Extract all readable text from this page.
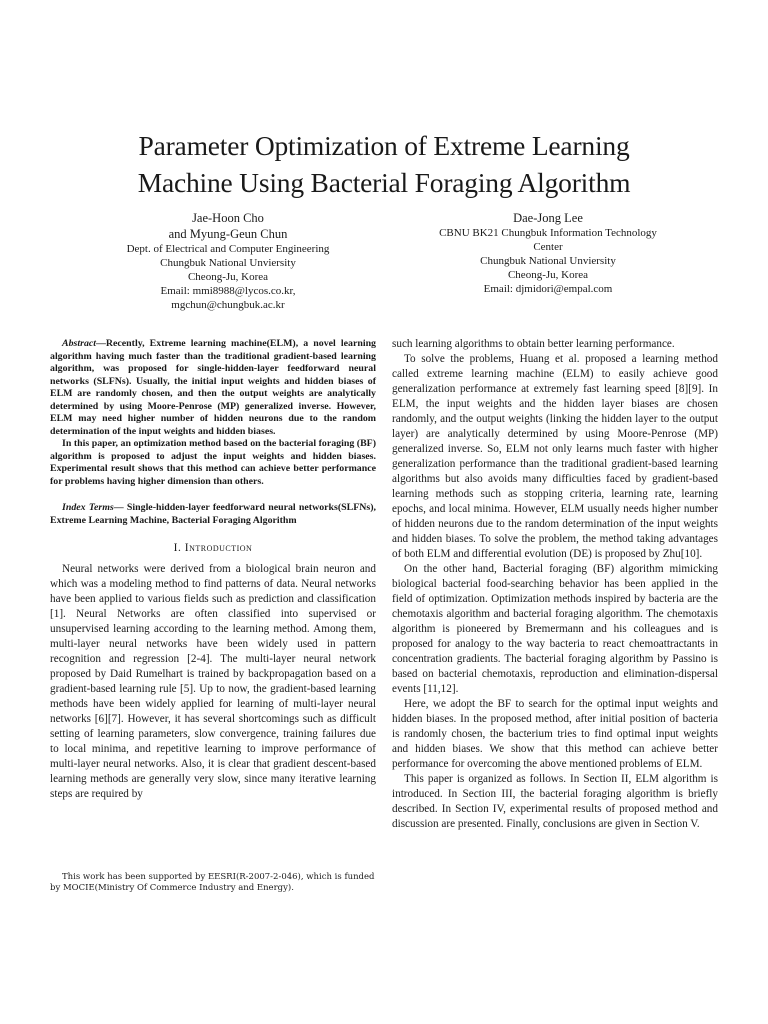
Parameter Optimization of Extreme Learning
Machine Using Bacterial Foraging Algorithm
Jae-Hoon Cho
and Myung-Geun Chun
Dept. of Electrical and Computer Engineering
Chungbuk National Unviersity
Cheong-Ju, Korea
Email: mmi8988@lycos.co.kr,
mgchun@chungbuk.ac.kr
Dae-Jong Lee
CBNU BK21 Chungbuk Information Technology
Center
Chungbuk National Unviersity
Cheong-Ju, Korea
Email: djmidori@empal.com

Abstract—Recently, Extreme learning machine(ELM), a novel learning algorithm having much faster than the traditional gradient-based learning algorithm, was proposed for single-hidden-layer feedforward neural networks (SLFNs). Usually, the initial input weights and hidden biases of ELM are randomly chosen, and then the output weights are analytically determined by using Moore-Penrose (MP) generalized inverse. However, ELM may need higher number of hidden neurons due to the random determination of the input weights and hidden biases.

In this paper, an optimization method based on the bacterial foraging (BF) algorithm is proposed to adjust the input weights and hidden biases. Experimental result shows that this method can achieve better performance for problems having higher dimension than others.

Index Terms— Single-hidden-layer feedforward neural networks(SLFNs), Extreme Learning Machine, Bacterial Foraging Algorithm

I. Introduction

Neural networks were derived from a biological brain neuron and which was a modeling method to find patterns of data. Neural networks have been applied to various fields such as prediction and classification [1]. Neural Networks are often classified into supervised or unsupervised learning according to the learning method. Among them, multi-layer neural networks have been widely used in pattern recognition and regression [2-4]. The multi-layer neural network proposed by Daid Rumelhart is trained by backpropagation based on a gradient-based learning rule [5]. Up to now, the gradient-based learning methods have been widely applied for learning of multi-layer neural networks [6][7]. However, it has several shortcomings such as difficult setting of learning parameters, slow convergence, training failures due to local minima, and repetitive learning to improve performance of multi-layer neural networks. Also, it is clear that gradient descent-based learning methods are generally very slow, since many iterative learning steps are required by

such learning algorithms to obtain better learning performance.

To solve the problems, Huang et al. proposed a learning method called extreme learning machine (ELM) to easily achieve good generalization performance at extremely fast learning speed [8][9]. In ELM, the input weights and the hidden layer biases are chosen randomly, and the output weights (linking the hidden layer to the output layer) are analytically determined by using Moore-Penrose (MP) generalized inverse. So, ELM not only learns much faster with higher generalization performance than the traditional gradient-based learning algorithms but also avoids many difficulties faced by gradient-based learning methods such as stopping criteria, learning rate, learning epochs, and local minima. However, ELM usually needs higher number of hidden neurons due to the random determination of the input weights and hidden biases. To solve the problem, the method taking advantages of both ELM and differential evolution (DE) is proposed by Zhu[10].

On the other hand, Bacterial foraging (BF) algorithm mimicking biological bacterial food-searching behavior has been applied in the field of optimization. Optimization methods inspired by bacteria are the chemotaxis algorithm and bacterial foraging algorithm. The chemotaxis algorithm is pioneered by Bremermann and his colleagues and is proposed for analogy to the way bacteria to react chemoattractants in concentration gradients. The bacterial foraging algorithm by Passino is based on bacterial chemotaxis, reproduction and elimination-dispersal events [11,12].

Here, we adopt the BF to search for the optimal input weights and hidden biases. In the proposed method, after initial position of bacteria is randomly chosen, the bacterium tries to find optimal input weights and hidden biases. We show that this method can achieve better performance for overcoming the above mentioned problems of ELM.

This paper is organized as follows. In Section II, ELM algorithm is introduced. In Section III, the bacterial foraging algorithm is briefly described. In Section IV, experimental results of proposed method and discussion are presented. Finally, conclusions are given in Section V.

This work has been supported by EESRI(R-2007-2-046), which is funded by MOCIE(Ministry Of Commerce Industry and Energy).
